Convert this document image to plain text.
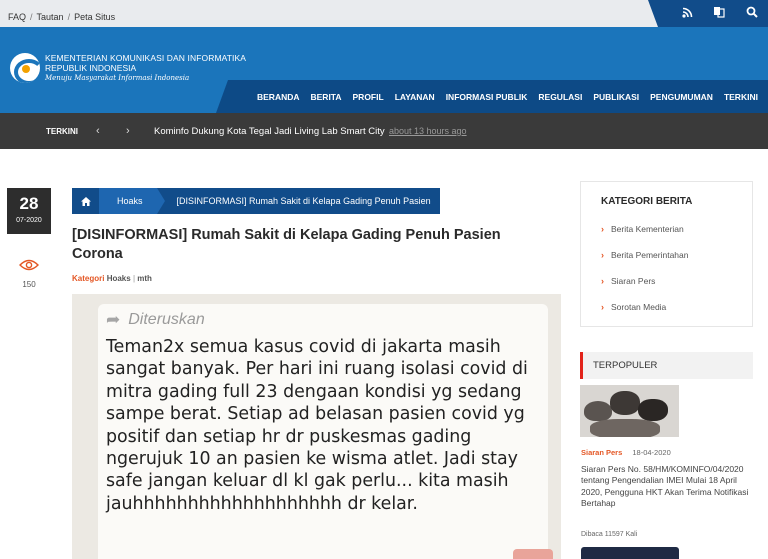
FAQ / Tautan / Peta Situs
KEMENTERIAN KOMUNIKASI DAN INFORMATIKA
REPUBLIK INDONESIA
Menuju Masyarakat Informasi Indonesia
BERANDA BERITA PROFIL LAYANAN INFORMASI PUBLIK REGULASI PUBLIKASI PENGUMUMAN TERKINI
TERKINI ‹ ›	Kominfo Dukung Kota Tegal Jadi Living Lab Smart City about 13 hours ago
28
07-2020
150
Hoaks	[DISINFORMASI] Rumah Sakit di Kelapa Gading Penuh Pasien
[DISINFORMASI] Rumah Sakit di Kelapa Gading Penuh Pasien Corona
Kategori Hoaks | mth
➦ Diteruskan
Teman2x semua kasus covid di jakarta masih sangat banyak. Per hari ini ruang isolasi covid di mitra gading full 23 dengaan kondisi yg sedang sampe berat. Setiap ad belasan pasien covid yg positif dan setiap hr dr puskesmas gading ngerujuk 10 an pasien ke wisma atlet. Jadi stay safe jangan keluar dl kl gak perlu... kita masih jauhhhhhhhhhhhhhhhhhhh dr kelar.
KATEGORI BERITA
› Berita Kementerian
› Berita Pemerintahan
› Siaran Pers
› Sorotan Media
TERPOPULER
Siaran Pers 18-04-2020
Siaran Pers No. 58/HM/KOMINFO/04/2020 tentang Pengendalian IMEI Mulai 18 April 2020, Pengguna HKT Akan Terima Notifikasi Bertahap
Dibaca 11597 Kali
